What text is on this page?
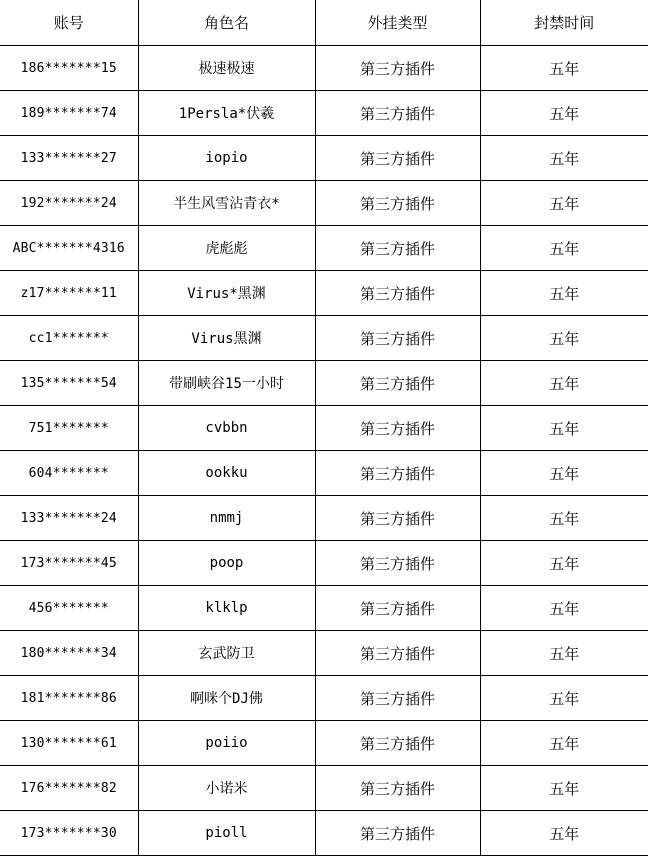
账号	角色名	外挂类型	封禁时间
186*******15	极速极速	第三方插件	五年
189*******74	1Persla*伏羲	第三方插件	五年
133*******27	iopio	第三方插件	五年
192*******24	半生风雪沾青衣*	第三方插件	五年
ABC*******4316	虎彪彪	第三方插件	五年
z17*******11	Virus*黑渊	第三方插件	五年
cc1*******	Virus黑渊	第三方插件	五年
135*******54	带刷峡谷15一小时	第三方插件	五年
751*******	cvbbn	第三方插件	五年
604*******	ookku	第三方插件	五年
133*******24	nmmj	第三方插件	五年
173*******45	poop	第三方插件	五年
456*******	klklp	第三方插件	五年
180*******34	玄武防卫	第三方插件	五年
181*******86	啊咪个DJ佛	第三方插件	五年
130*******61	poiio	第三方插件	五年
176*******82	小诺米	第三方插件	五年
173*******30	pioll	第三方插件	五年
